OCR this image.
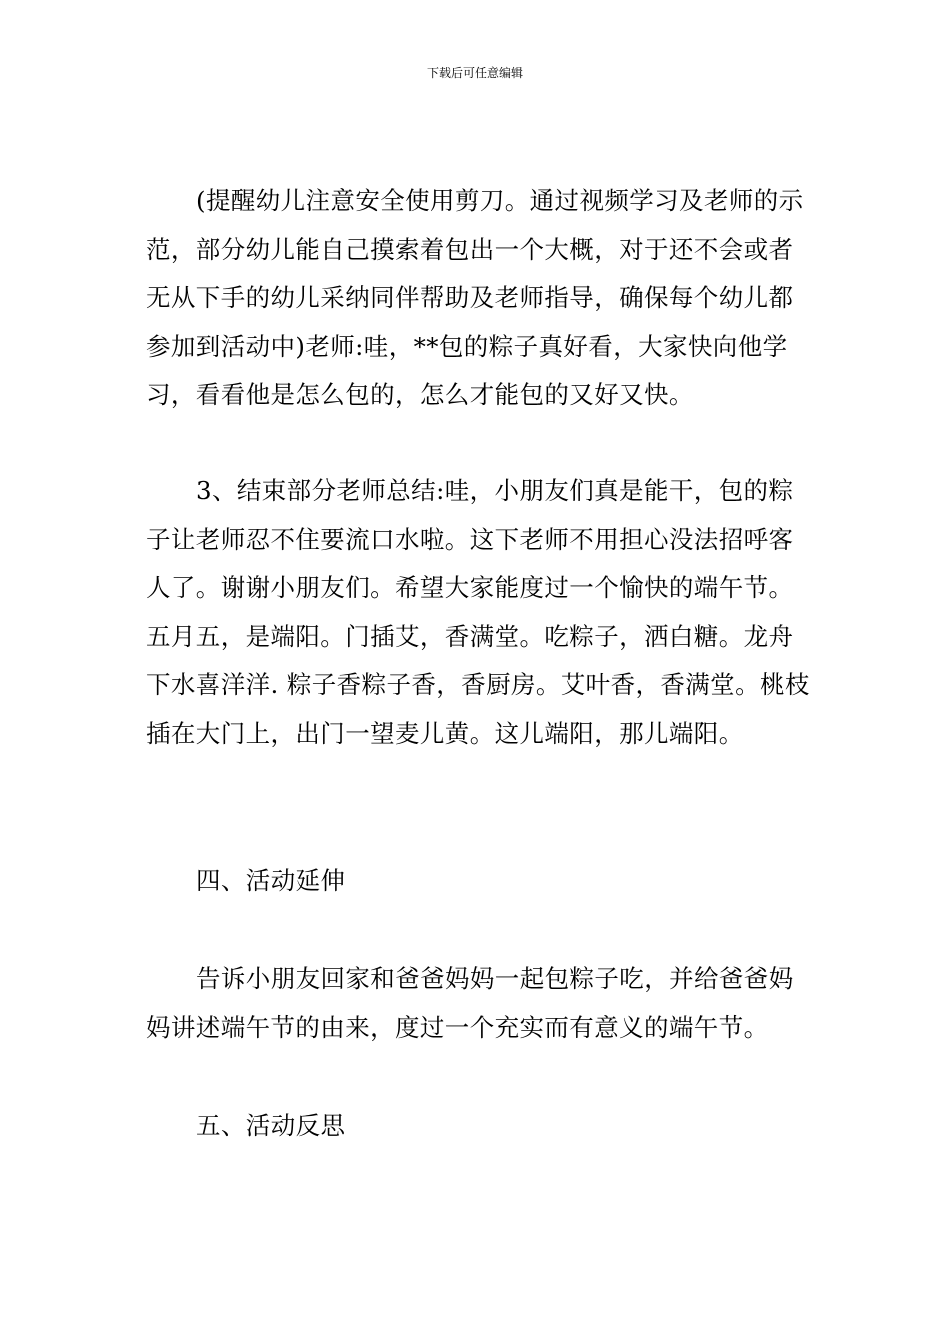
下载后可任意编辑

(提醒幼儿注意安全使用剪刀。通过视频学习及老师的示范，部分幼儿能自己摸索着包出一个大概，对于还不会或者无从下手的幼儿采纳同伴帮助及老师指导，确保每个幼儿都参加到活动中)老师:哇，**包的粽子真好看，大家快向他学习，看看他是怎么包的，怎么才能包的又好又快。

3、结束部分老师总结:哇，小朋友们真是能干，包的粽子让老师忍不住要流口水啦。这下老师不用担心没法招呼客人了。谢谢小朋友们。希望大家能度过一个愉快的端午节。五月五，是端阳。门插艾，香满堂。吃粽子，洒白糖。龙舟下水喜洋洋. 粽子香粽子香，香厨房。艾叶香，香满堂。桃枝插在大门上，出门一望麦儿黄。这儿端阳，那儿端阳。

四、活动延伸

告诉小朋友回家和爸爸妈妈一起包粽子吃，并给爸爸妈妈讲述端午节的由来，度过一个充实而有意义的端午节。

五、活动反思
